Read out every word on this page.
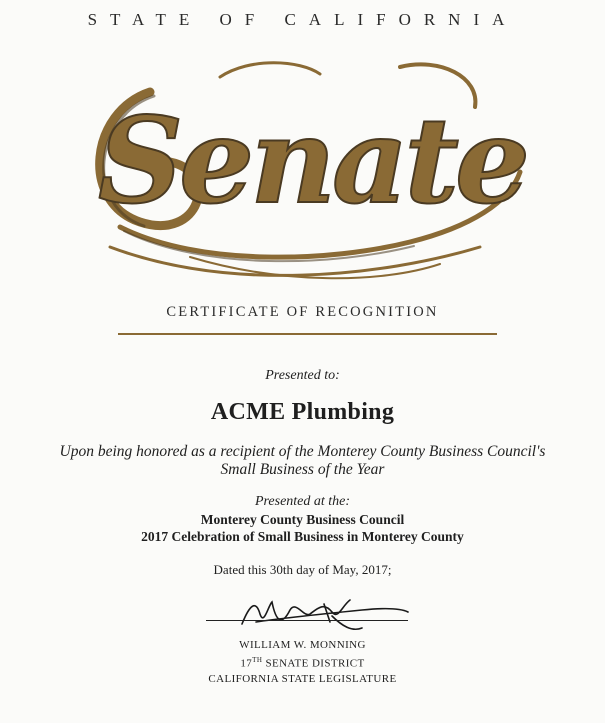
STATE OF CALIFORNIA
Senate
CERTIFICATE OF RECOGNITION
Presented to:
ACME Plumbing
Upon being honored as a recipient of the Monterey County Business Council's
Small Business of the Year
Presented at the:
Monterey County Business Council
2017 Celebration of Small Business in Monterey County
Dated this 30th day of May, 2017;
WILLIAM W. MONNING
17TH SENATE DISTRICT
CALIFORNIA STATE LEGISLATURE
